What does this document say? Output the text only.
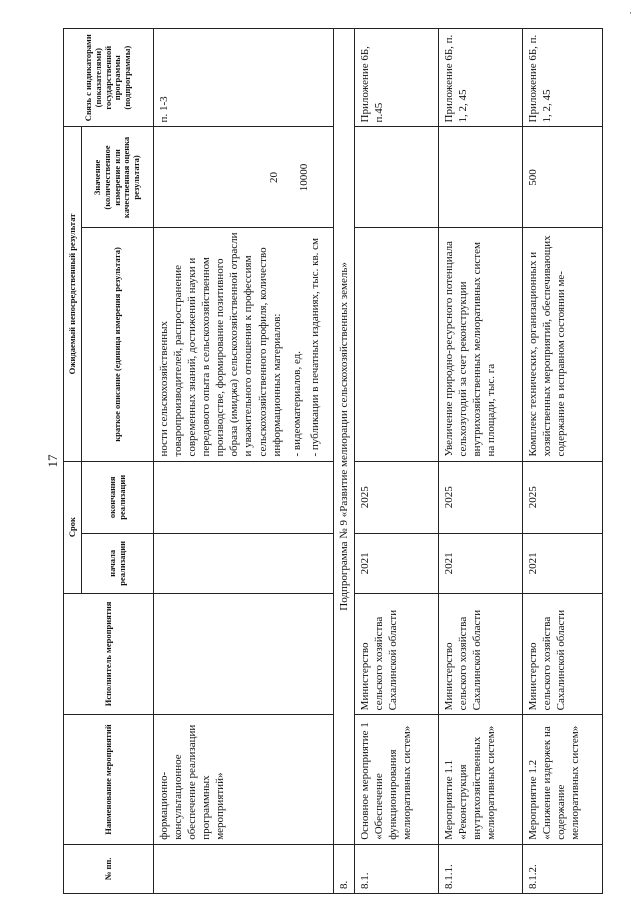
·
17
№ пп.	Наименование мероприятий	Исполнитель мероприятия	Срок		Ожидаемый непосредственный результат		Связь с индикаторами (показателями) государственной программы (подпрограммы)
			начала реализации	окончания реализации	краткое описание (единица измерения результата)	Значение (количественное измерение или качественная оценка результата)	
	формационно-консультационное обеспечение реализации программных мероприятий»				ности сельскохозяйственных товаропроизводителей, распространение современных знаний, достижений науки и передового опыта в сельскохозяйственном производстве, формирование позитивного образа (имиджа) сельскохозяйственной отрасли и уважительного отношения к профессиям сельскохозяйственного профиля, количество информационных материалов: - видеоматериалов, ед. - публикации в печатных изданиях, тыс. кв. см	20 10000	п. 1-3
8.	Подпрограмма № 9 «Развитие мелиорации сельскохозяйственных земель»						
8.1.	Основное мероприятие 1 «Обеспечение функционирования мелиоративных систем»	Министерство сельского хозяйства Сахалинской области	2021	2025			Приложение 6Б, п.45
8.1.1.	Мероприятие 1.1 «Реконструкция внутрихозяйственных мелиоративных систем»	Министерство сельского хозяйства Сахалинской области	2021	2025	Увеличение природно-ресурсного потенциала сельхозугодий за счет реконструкции внутрихозяйственных мелиоративных систем на площади, тыс. га		Приложение 6Б, п. 1, 2, 45
8.1.2.	Мероприятие 1.2 «Снижение издержек на содержание мелиоративных систем»	Министерство сельского хозяйства Сахалинской области	2021	2025	Комплекс технических, организационных и хозяйственных мероприятий, обеспечивающих содержание в исправном состоянии ме-	500	Приложение 6Б, п. 1, 2, 45
